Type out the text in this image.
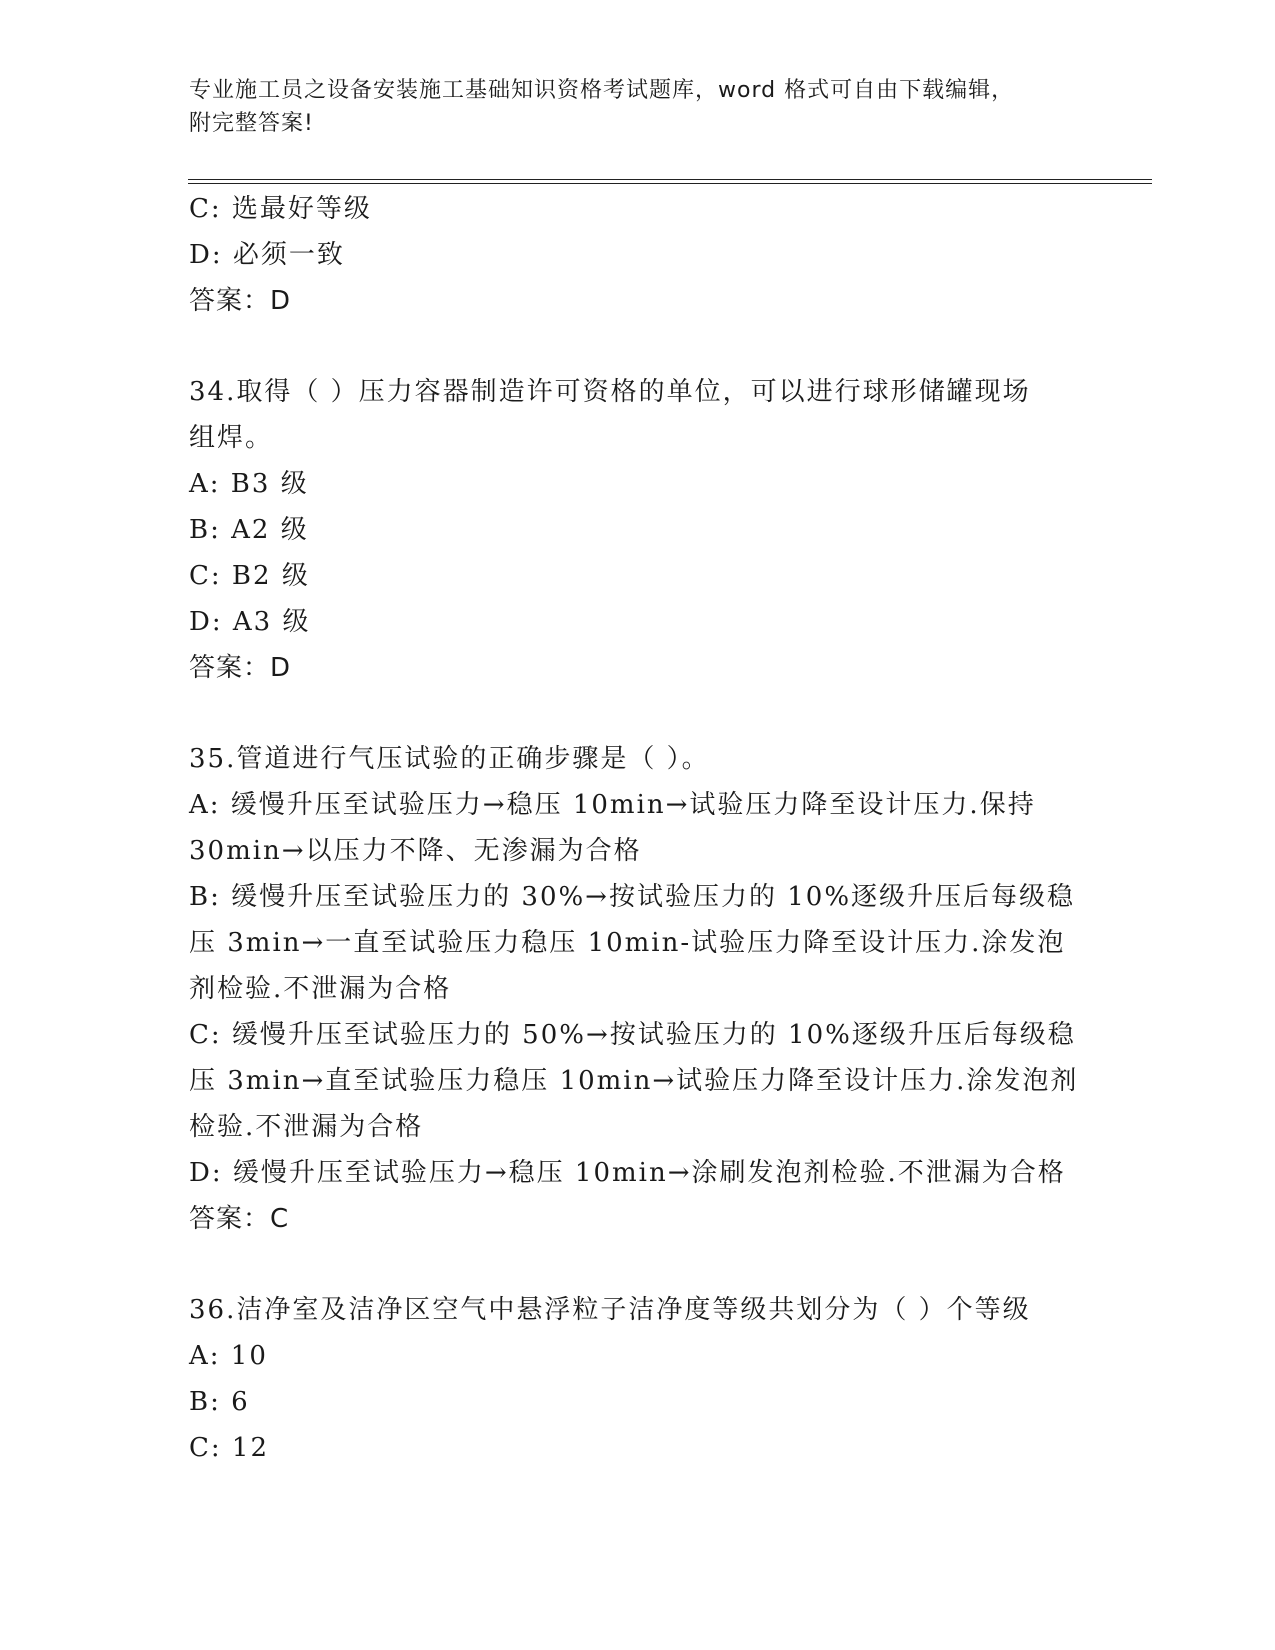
专业施工员之设备安装施工基础知识资格考试题库，word 格式可自由下载编辑，
附完整答案!
C: 选最好等级
D: 必须一致
答案：D
34.取得（ ）压力容器制造许可资格的单位，可以进行球形储罐现场
组焊。
A: B3 级
B: A2 级
C: B2 级
D: A3 级
答案：D
35.管道进行气压试验的正确步骤是（ ）。
A: 缓慢升压至试验压力→稳压 10min→试验压力降至设计压力.保持
30min→以压力不降、无渗漏为合格
B: 缓慢升压至试验压力的 30%→按试验压力的 10%逐级升压后每级稳
压 3min→一直至试验压力稳压 10min-试验压力降至设计压力.涂发泡
剂检验.不泄漏为合格
C: 缓慢升压至试验压力的 50%→按试验压力的 10%逐级升压后每级稳
压 3min→直至试验压力稳压 10min→试验压力降至设计压力.涂发泡剂
检验.不泄漏为合格
D: 缓慢升压至试验压力→稳压 10min→涂刷发泡剂检验.不泄漏为合格
答案：C
36.洁净室及洁净区空气中悬浮粒子洁净度等级共划分为（ ）个等级
A: 10
B: 6
C: 12
